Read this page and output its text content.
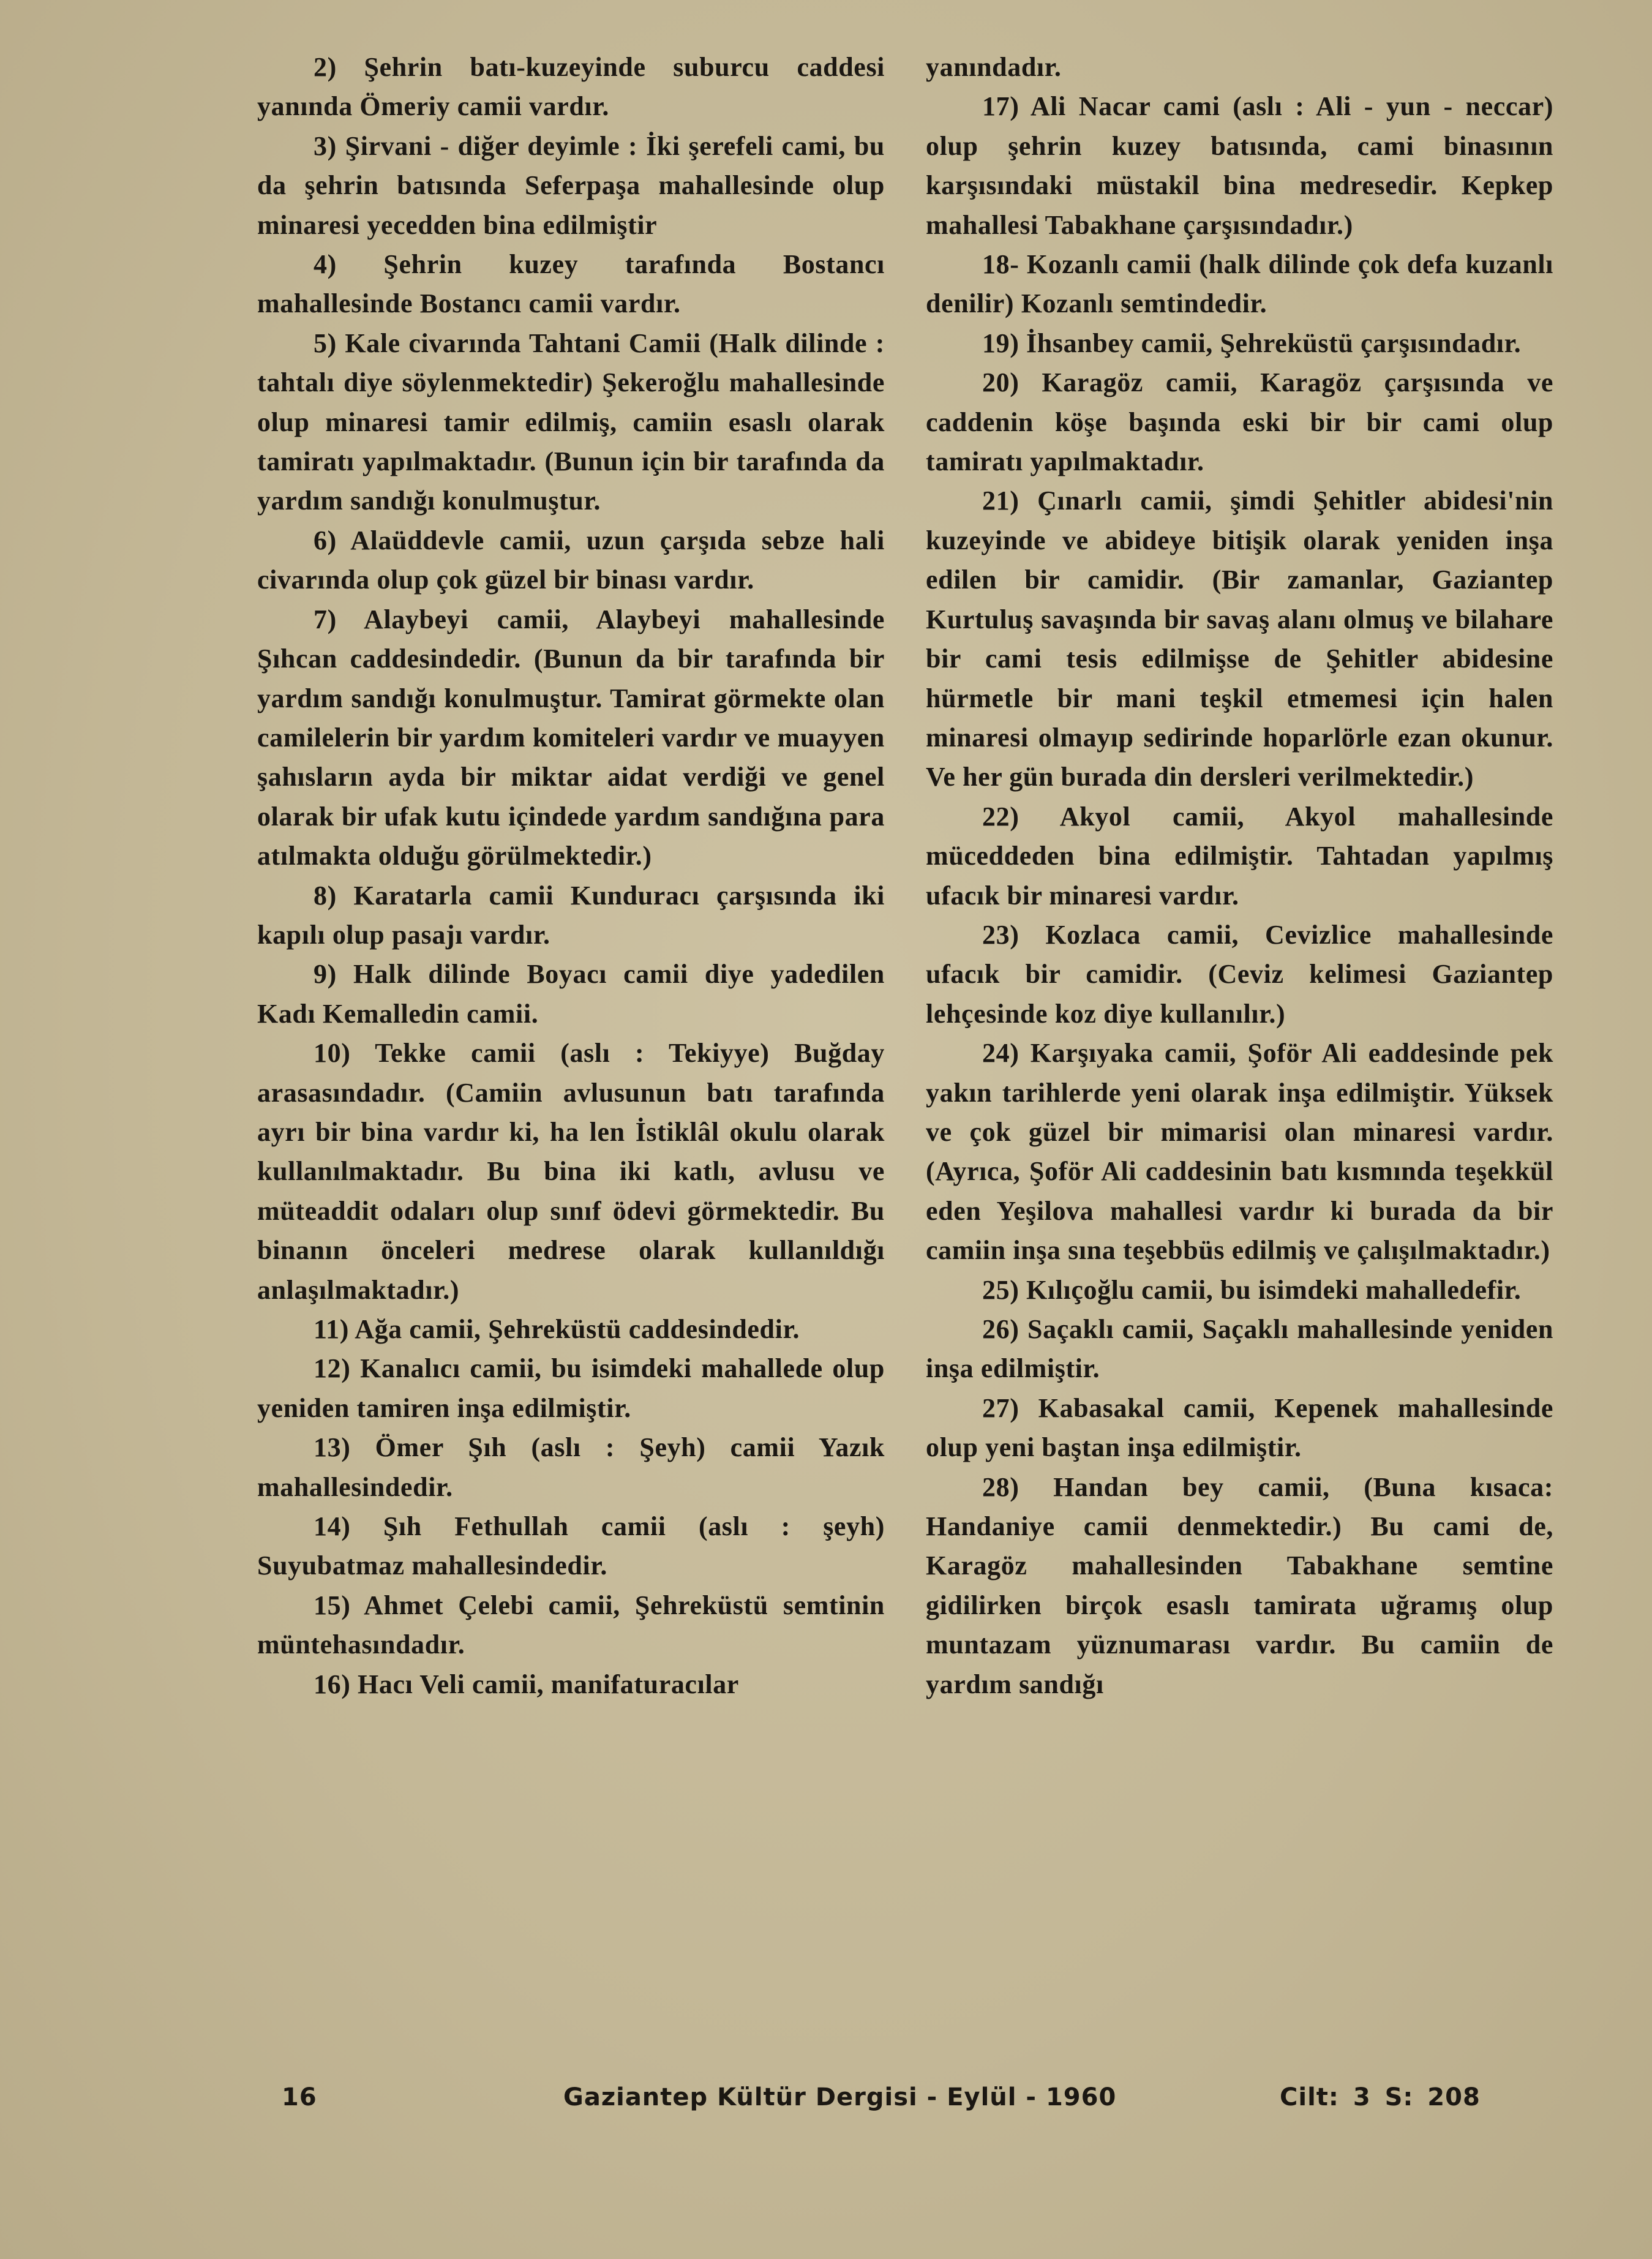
2) Şehrin batı-kuzeyinde suburcu caddesi yanında Ömeriy camii vardır.

3) Şirvani - diğer deyimle : İki şerefeli cami, bu da şehrin batısında Seferpaşa mahallesinde olup minaresi yecedden bina edilmiştir

4) Şehrin kuzey tarafında Bostancı mahallesinde Bostancı camii vardır.

5) Kale civarında Tahtani Camii (Halk dilinde : tahtalı diye söylenmektedir) Şekeroğlu mahallesinde olup minaresi tamir edilmiş, camiin esaslı olarak tamiratı yapılmaktadır. (Bunun için bir tarafında da yardım sandığı konulmuştur.

6) Alaüddevle camii, uzun çarşıda sebze hali civarında olup çok güzel bir binası vardır.

7) Alaybeyi camii, Alaybeyi mahallesinde Şıhcan caddesindedir. (Bunun da bir tarafında bir yardım sandığı konulmuştur. Tamirat görmekte olan camilelerin bir yardım komiteleri vardır ve muayyen şahısların ayda bir miktar aidat verdiği ve genel olarak bir ufak kutu içindede yardım sandığına para atılmakta olduğu görülmektedir.)

8) Karatarla camii Kunduracı çarşısında iki kapılı olup pasajı vardır.

9) Halk dilinde Boyacı camii diye yadedilen Kadı Kemalledin camii.

10) Tekke camii (aslı : Tekiyye) Buğday arasasındadır. (Camiin avlusunun batı tarafında ayrı bir bina vardır ki, ha len İstiklâl okulu olarak kullanılmaktadır. Bu bina iki katlı, avlusu ve müteaddit odaları olup sınıf ödevi görmektedir. Bu binanın önceleri medrese olarak kullanıldığı anlaşılmaktadır.)

11) Ağa camii, Şehreküstü caddesindedir.

12) Kanalıcı camii, bu isimdeki mahallede olup yeniden tamiren inşa edilmiştir.

13) Ömer Şıh (aslı : Şeyh) camii Yazık mahallesindedir.

14) Şıh Fethullah camii (aslı : şeyh) Suyubatmaz mahallesindedir.

15) Ahmet Çelebi camii, Şehreküstü semtinin müntehasındadır.

16) Hacı Veli camii, manifaturacılar

yanındadır.

17) Ali Nacar cami (aslı : Ali - yun - neccar) olup şehrin kuzey batısında, cami binasının karşısındaki müstakil bina medresedir. Kepkep mahallesi Tabakhane çarşısındadır.)

18- Kozanlı camii (halk dilinde çok defa kuzanlı denilir) Kozanlı semtindedir.

19) İhsanbey camii, Şehreküstü çarşısındadır.

20) Karagöz camii, Karagöz çarşısında ve caddenin köşe başında eski bir bir cami olup tamiratı yapılmaktadır.

21) Çınarlı camii, şimdi Şehitler abidesi'nin kuzeyinde ve abideye bitişik olarak yeniden inşa edilen bir camidir. (Bir zamanlar, Gaziantep Kurtuluş savaşında bir savaş alanı olmuş ve bilahare bir cami tesis edilmişse de Şehitler abidesine hürmetle bir mani teşkil etmemesi için halen minaresi olmayıp sedirinde hoparlörle ezan okunur. Ve her gün burada din dersleri verilmektedir.)

22) Akyol camii, Akyol mahallesinde müceddeden bina edilmiştir. Tahtadan yapılmış ufacık bir minaresi vardır.

23) Kozlaca camii, Cevizlice mahallesinde ufacık bir camidir. (Ceviz kelimesi Gaziantep lehçesinde koz diye kullanılır.)

24) Karşıyaka camii, Şoför Ali eaddesinde pek yakın tarihlerde yeni olarak inşa edilmiştir. Yüksek ve çok güzel bir mimarisi olan minaresi vardır. (Ayrıca, Şoför Ali caddesinin batı kısmında teşekkül eden Yeşilova mahallesi vardır ki burada da bir camiin inşa sına teşebbüs edilmiş ve çalışılmaktadır.)

25) Kılıçoğlu camii, bu isimdeki mahalledefir.

26) Saçaklı camii, Saçaklı mahallesinde yeniden inşa edilmiştir.

27) Kabasakal camii, Kepenek mahallesinde olup yeni baştan inşa edilmiştir.

28) Handan bey camii, (Buna kısaca: Handaniye camii denmektedir.) Bu cami de, Karagöz mahallesinden Tabakhane semtine gidilirken birçok esaslı tamirata uğramış olup muntazam yüznumarası vardır. Bu camiin de yardım sandığı

16	Gaziantep Kültür Dergisi - Eylül - 1960	Cilt: 3 S: 208
